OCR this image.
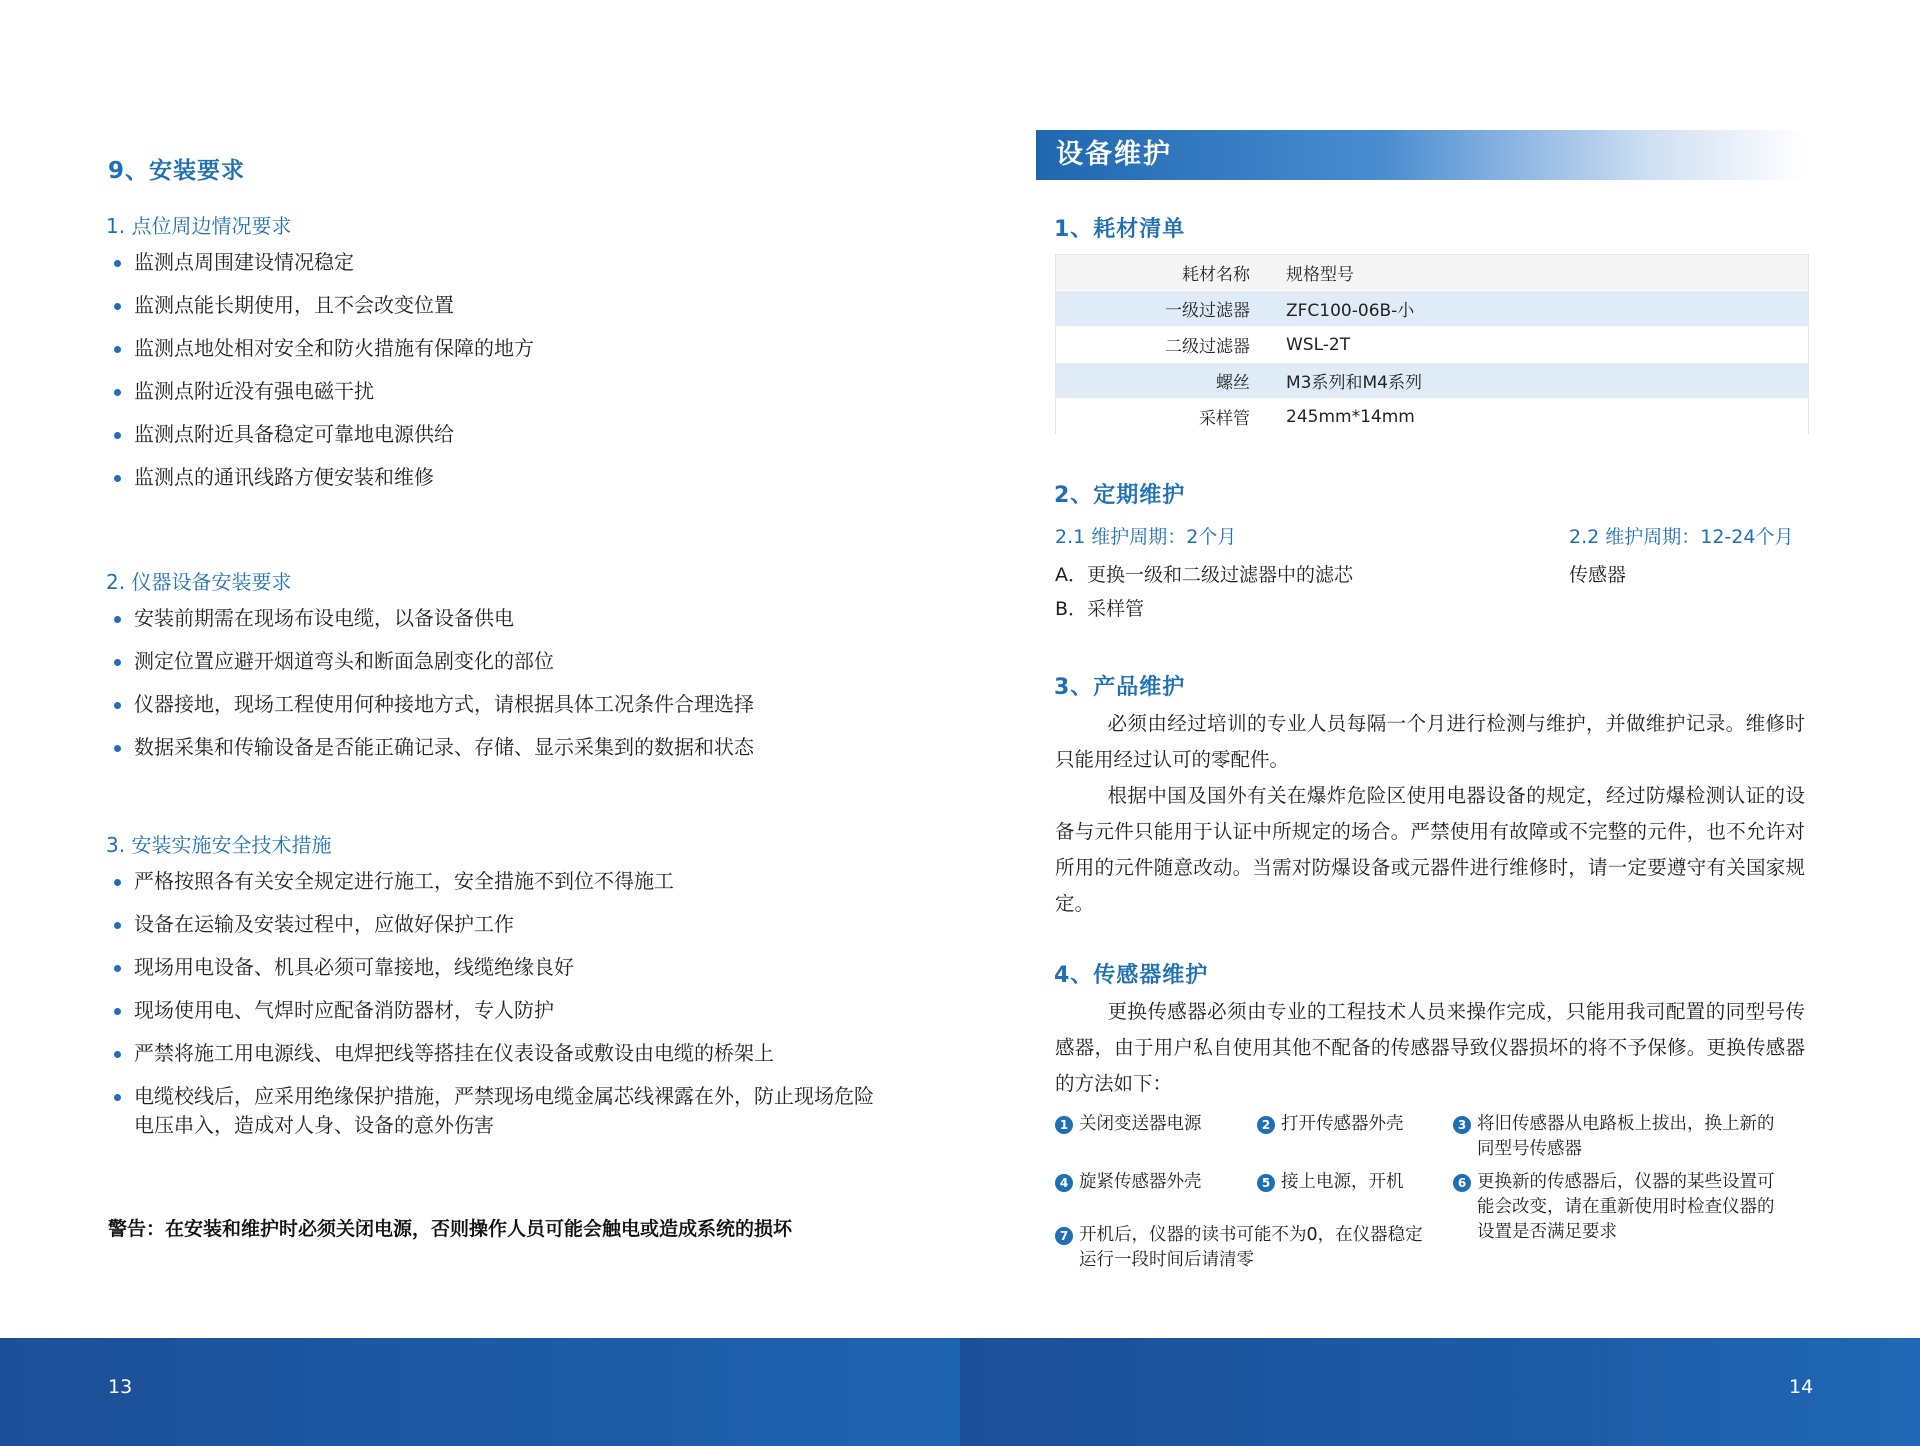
9、安装要求
1. 点位周边情况要求
监测点周围建设情况稳定
监测点能长期使用，且不会改变位置
监测点地处相对安全和防火措施有保障的地方
监测点附近没有强电磁干扰
监测点附近具备稳定可靠地电源供给
监测点的通讯线路方便安装和维修
2. 仪器设备安装要求
安装前期需在现场布设电缆，以备设备供电
测定位置应避开烟道弯头和断面急剧变化的部位
仪器接地，现场工程使用何种接地方式，请根据具体工况条件合理选择
数据采集和传输设备是否能正确记录、存储、显示采集到的数据和状态
3. 安装实施安全技术措施
严格按照各有关安全规定进行施工，安全措施不到位不得施工
设备在运输及安装过程中，应做好保护工作
现场用电设备、机具必须可靠接地，线缆绝缘良好
现场使用电、气焊时应配备消防器材，专人防护
严禁将施工用电源线、电焊把线等搭挂在仪表设备或敷设由电缆的桥架上
电缆校线后，应采用绝缘保护措施，严禁现场电缆金属芯线裸露在外，防止现场危险电压串入，造成对人身、设备的意外伤害
警告：在安装和维护时必须关闭电源，否则操作人员可能会触电或造成系统的损坏
设备维护
1、耗材清单
耗材名称	规格型号
一级过滤器	ZFC100-06B-小
二级过滤器	WSL-2T
螺丝	M3系列和M4系列
采样管	245mm*14mm
2、定期维护
2.1 维护周期：2个月
A．更换一级和二级过滤器中的滤芯
B．采样管
2.2 维护周期：12-24个月
传感器
3、产品维护

必须由经过培训的专业人员每隔一个月进行检测与维护，并做维护记录。维修时只能用经过认可的零配件。

根据中国及国外有关在爆炸危险区使用电器设备的规定，经过防爆检测认证的设备与元件只能用于认证中所规定的场合。严禁使用有故障或不完整的元件，也不允许对所用的元件随意改动。当需对防爆设备或元器件进行维修时，请一定要遵守有关国家规定。

4、传感器维护

更换传感器必须由专业的工程技术人员来操作完成，只能用我司配置的同型号传感器，由于用户私自使用其他不配备的传感器导致仪器损坏的将不予保修。更换传感器的方法如下：

1 关闭变送器电源	2 打开传感器外壳	3 将旧传感器从电路板上拔出，换上新的同型号传感器
4 旋紧传感器外壳	5 接上电源，开机	6 更换新的传感器后，仪器的某些设置可能会改变，请在重新使用时检查仪器的设置是否满足要求
7 开机后，仪器的读书可能不为0，在仪器稳定运行一段时间后请清零
13	14
